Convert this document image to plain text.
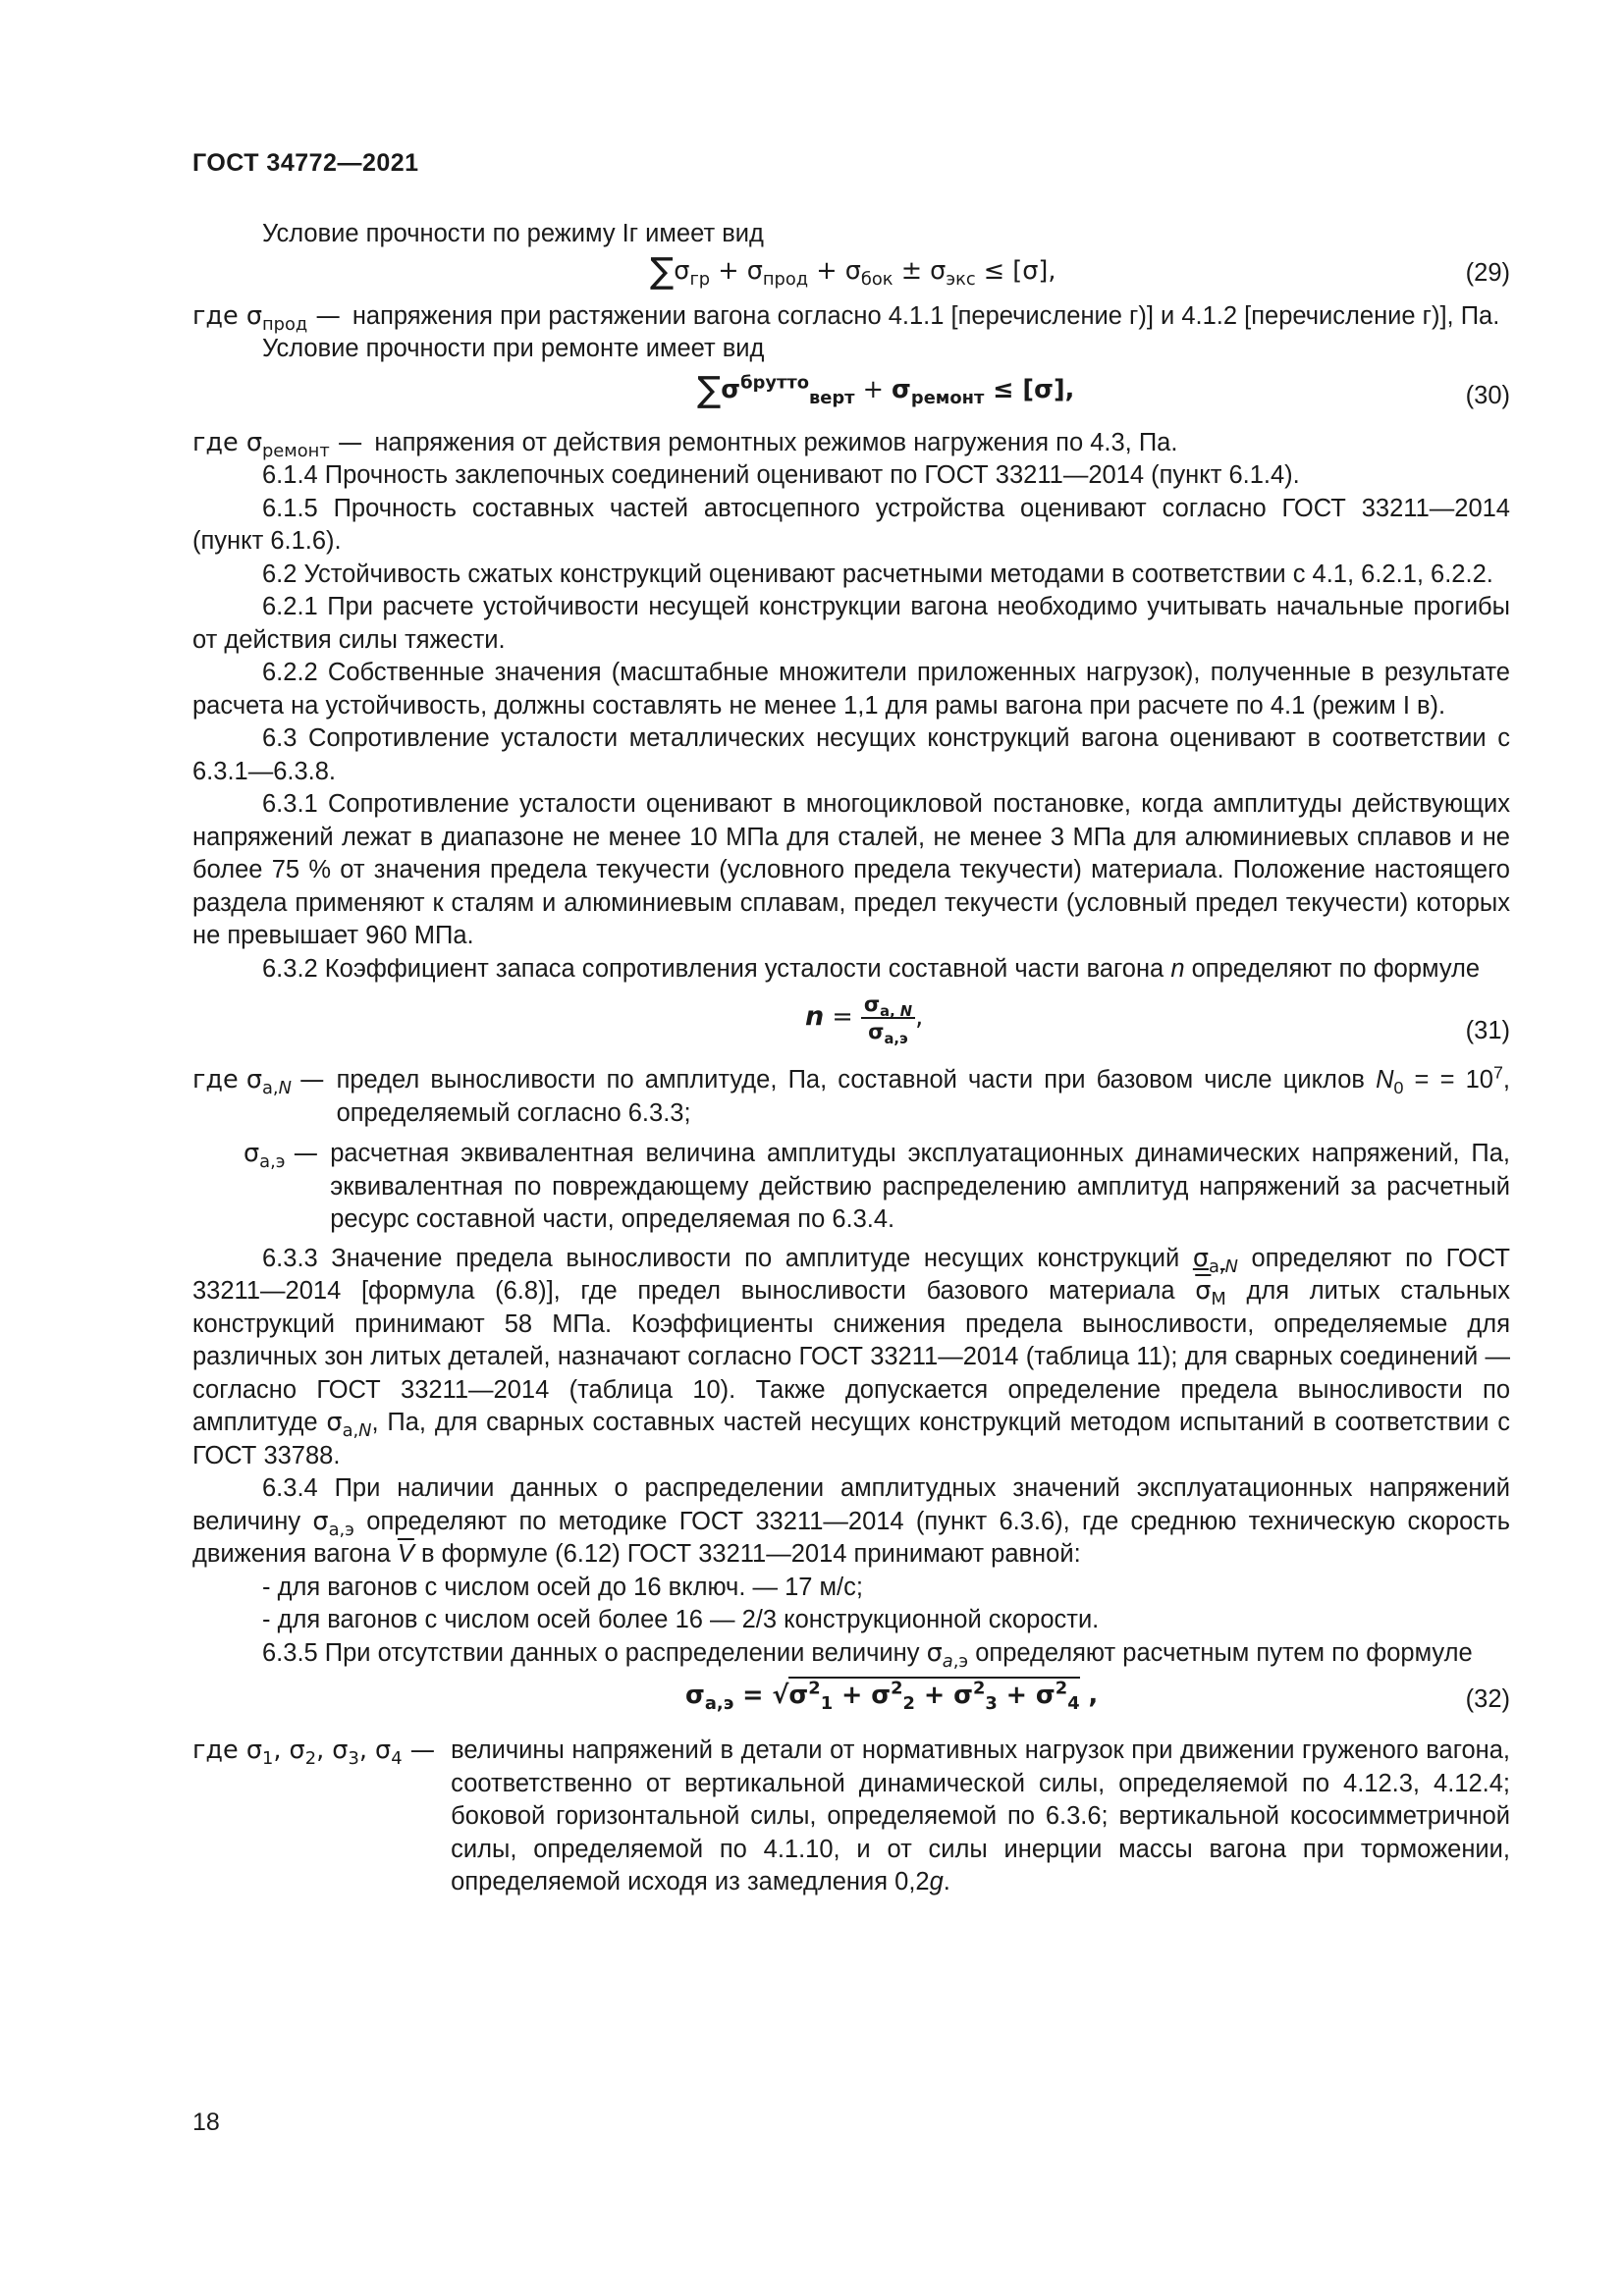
ГОСТ 34772—2021

Условие прочности по режиму Iг имеет вид

$\sum\sigma_{гр} + \sigma_{прод} + \sigma_{бок} \pm \sigma_{экс} \le [\sigma]$,	(29)
где $\sigma_{прод}$ — напряжения при растяжении вагона согласно 4.1.1 [перечисление г)] и 4.1.2 [перечисление г)], Па.

Условие прочности при ремонте имеет вид

$\sum\sigma^{брутто}_{верт} + \sigma_{ремонт} \le [\sigma]$,	(30)
где $\sigma_{ремонт}$ — напряжения от действия ремонтных режимов нагружения по 4.3, Па.

6.1.4 Прочность заклепочных соединений оценивают по ГОСТ 33211—2014 (пункт 6.1.4).

6.1.5 Прочность составных частей автосцепного устройства оценивают согласно ГОСТ 33211—2014 (пункт 6.1.6).

6.2 Устойчивость сжатых конструкций оценивают расчетными методами в соответствии с 4.1, 6.2.1, 6.2.2.

6.2.1 При расчете устойчивости несущей конструкции вагона необходимо учитывать начальные прогибы от действия силы тяжести.

6.2.2 Собственные значения (масштабные множители приложенных нагрузок), полученные в результате расчета на устойчивость, должны составлять не менее 1,1 для рамы вагона при расчете по 4.1 (режим I в).

6.3 Сопротивление усталости металлических несущих конструкций вагона оценивают в соответствии с 6.3.1—6.3.8.

6.3.1 Сопротивление усталости оценивают в многоцикловой постановке, когда амплитуды действующих напряжений лежат в диапазоне не менее 10 МПа для сталей, не менее 3 МПа для алюминиевых сплавов и не более 75 % от значения предела текучести (условного предела текучести) материала. Положение настоящего раздела применяют к сталям и алюминиевым сплавам, предел текучести (условный предел текучести) которых не превышает 960 МПа.

6.3.2 Коэффициент запаса сопротивления усталости составной части вагона n определяют по формуле

$n = \frac{\sigma_{a, N}}{\sigma_{a,э}}$ ,	(31)
где $\sigma_{a,N}$ — предел выносливости по амплитуде, Па, составной части при базовом числе циклов $N_0$ = = $10^7$, определяемый согласно 6.3.3;
$\sigma_{a,э}$ — расчетная эквивалентная величина амплитуды эксплуатационных динамических напряжений, Па, эквивалентная по повреждающему действию распределению амплитуд напряжений за расчетный ресурс составной части, определяемая по 6.3.4.

6.3.3 Значение предела выносливости по амплитуде несущих конструкций $\sigma_{a,N}$ определяют по ГОСТ 33211—2014 [формула (6.8)], где предел выносливости базового материала $\overline{\sigma}_M$ для литых стальных конструкций принимают 58 МПа. Коэффициенты снижения предела выносливости, определяемые для различных зон литых деталей, назначают согласно ГОСТ 33211—2014 (таблица 11); для сварных соединений — согласно ГОСТ 33211—2014 (таблица 10). Также допускается определение предела выносливости по амплитуде $\sigma_{a,N}$, Па, для сварных составных частей несущих конструкций методом испытаний в соответствии с ГОСТ 33788.

6.3.4 При наличии данных о распределении амплитудных значений эксплуатационных напряжений величину $\sigma_{a,э}$ определяют по методике ГОСТ 33211—2014 (пункт 6.3.6), где среднюю техническую скорость движения вагона $\overline{V}$ в формуле (6.12) ГОСТ 33211—2014 принимают равной:

- для вагонов с числом осей до 16 включ. — 17 м/с;

- для вагонов с числом осей более 16 — 2/3 конструкционной скорости.

6.3.5 При отсутствии данных о распределении величину $\sigma_{a,э}$ определяют расчетным путем по формуле

$\sigma_{a,э} = √\sigma^2_1 + \sigma^2_2 + \sigma^2_3 + \sigma^2_4$ ,	(32)
где $\sigma_1$, $\sigma_2$, $\sigma_3$, $\sigma_4$ — величины напряжений в детали от нормативных нагрузок при движении груженого вагона, соответственно от вертикальной динамической силы, определяемой по 4.12.3, 4.12.4; боковой горизонтальной силы, определяемой по 6.3.6; вертикальной кососимметричной силы, определяемой по 4.1.10, и от силы инерции массы вагона при торможении, определяемой исходя из замедления 0,2g.
18
